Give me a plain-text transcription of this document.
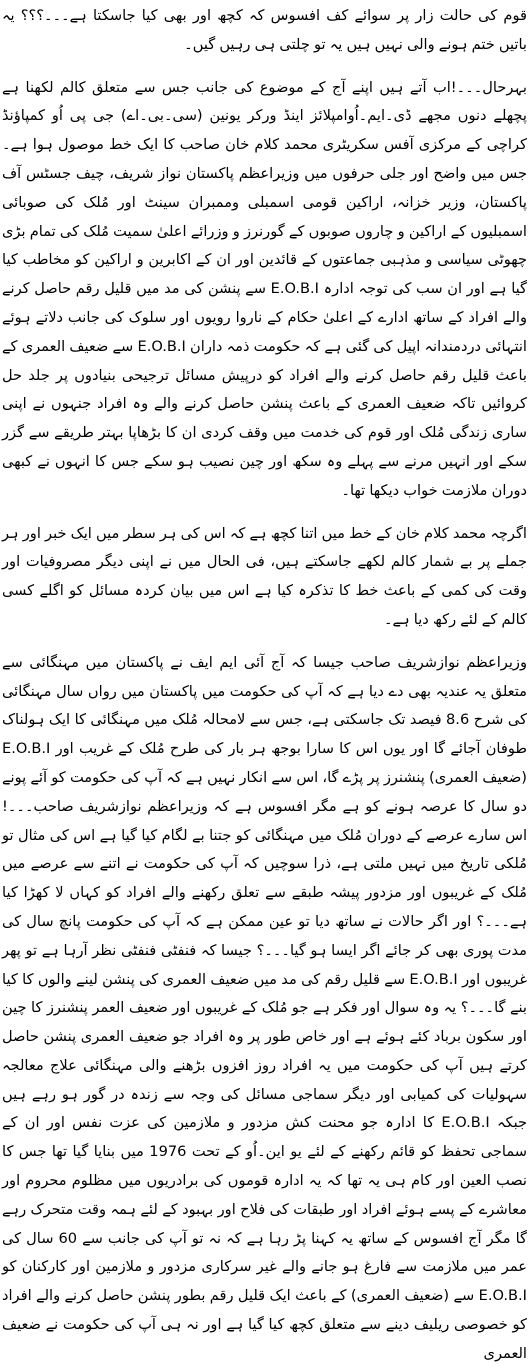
قوم کی حالت زار پر سوائے کف افسوس کہ کچھ اور بھی کیا جاسکتا ہے۔۔۔؟؟؟ یہ باتیں ختم ہونے والی نہیں ہیں یہ تو چلتی ہی رہیں گیں۔

بہرحال۔۔۔!اب آتے ہیں اپنے آج کے موضوع کی جانب جس سے متعلق کالم لکھنا ہے پچھلے دنوں مجھے ڈی۔ایم۔اُوامپلائز اینڈ ورکر یونین (سی۔بی۔اے) جی پی اُو کمپاؤنڈ کراچی کے مرکزی آفس سکریٹری محمد کلام خان صاحب کا ایک خط موصول ہوا ہے۔جس میں واضح اور جلی حرفوں میں وزیراعظم پاکستان نواز شریف، چیف جسٹس آف پاکستان، وزیر خزانہ، اراکین قومی اسمبلی وممبران سینٹ اور مُلک کی صوبائی اسمبلیوں کے اراکین و چاروں صوبوں کے گورنرز و وزرائے اعلیٰ سمیت مُلک کی تمام بڑی چھوٹی سیاسی و مذہبی جماعتوں کے قائدین اور ان کے اکابرین و اراکین کو مخاطب کیا گیا ہے اور ان سب کی توجہ ادارہ E.O.B.I سے پنشن کی مد میں قلیل رقم حاصل کرنے والے افراد کے ساتھ ادارے کے اعلیٰ حکام کے ناروا رویوں اور سلوک کی جانب دلاتے ہوئے انتہائی دردمندانہ اپیل کی گئی ہے کہ حکومت ذمہ داران E.O.B.I سے ضعیف العمری کے باعث قلیل رقم حاصل کرنے والے افراد کو درپیش مسائل ترجیحی بنیادوں پر جلد حل کروائیں تاکہ ضعیف العمری کے باعث پنشن حاصل کرنے والے وہ افراد جنہوں نے اپنی ساری زندگی مُلک اور قوم کی خدمت میں وقف کردی ان کا بڑھاپا بہتر طریقے سے گزر سکے اور انہیں مرنے سے پہلے وہ سکھ اور چین نصیب ہو سکے جس کا انہوں نے کبھی دوران ملازمت خواب دیکھا تھا۔

اگرچہ محمد کلام خان کے خط میں اتنا کچھ ہے کہ اس کی ہر سطر میں ایک خبر اور ہر جملے پر بے شمار کالم لکھے جاسکتے ہیں، فی الحال میں نے اپنی دیگر مصروفیات اور وقت کی کمی کے باعث خط کا تذکرہ کیا ہے اس میں بیان کردہ مسائل کو اگلے کسی کالم کے لئے رکھ دیا ہے۔

وزیراعظم نوازشریف صاحب جیسا کہ آج آئی ایم ایف نے پاکستان میں مہنگائی سے متعلق یہ عندیہ بھی دے دیا ہے کہ آپ کی حکومت میں پاکستان میں رواں سال مہنگائی کی شرح 8.6 فیصد تک جاسکتی ہے، جس سے لامحالہ مُلک میں مہنگائی کا ایک ہولناک طوفان آجائے گا اور یوں اس کا سارا بوجھ ہر بار کی طرح مُلک کے غریب اور E.O.B.I (ضعیف العمری) پنشنرز پر پڑے گا، اس سے انکار نہیں ہے کہ آپ کی حکومت کو آئے پونے دو سال کا عرصہ ہونے کو ہے مگر افسوس ہے کہ وزیراعظم نوازشریف صاحب۔۔۔!اس سارے عرصے کے دوران مُلک میں مہنگائی کو جتنا بے لگام کیا گیا ہے اس کی مثال تو مُلکی تاریخ میں نہیں ملتی ہے، ذرا سوچیں کہ آپ کی حکومت نے اتنے سے عرصے میں مُلک کے غریبوں اور مزدور پیشہ طبقے سے تعلق رکھنے والے افراد کو کہاں لا کھڑا کیا ہے۔۔۔؟ اور اگر حالات نے ساتھ دیا تو عین ممکن ہے کہ آپ کی حکومت پانچ سال کی مدت پوری بھی کر جائے اگر ایسا ہو گیا۔۔۔؟ جیسا کہ فنفٹی فنفٹی نظر آرہا ہے تو پھر غریبوں اور E.O.B.I سے قلیل رقم کی مد میں ضعیف العمری کی پنشن لینے والوں کا کیا بنے گا۔۔۔؟ یہ وہ سوال اور فکر ہے جو مُلک کے غریبوں اور ضعیف العمر پنشنرز کا چین اور سکون برباد کئے ہوئے ہے اور خاص طور پر وہ افراد جو ضعیف العمری پنشن حاصل کرتے ہیں آپ کی حکومت میں یہ افراد روز افزوں بڑھنے والی مہنگائی علاج معالجہ سہولیات کی کمیابی اور دیگر سماجی مسائل کی وجہ سے زندہ در گور ہو رہے ہیں جبکہ E.O.B.I کا ادارہ جو محنت کش مزدور و ملازمین کی عزت نفس اور ان کے سماجی تحفظ کو قائم رکھنے کے لئے یو این۔اُو کے تحت 1976 میں بنایا گیا تھا جس کا نصب العین اور کام ہی یہ تھا کہ یہ ادارہ قوموں کی برادریوں میں مظلوم محروم اور معاشرے کے پسے ہوئے افراد اور طبقات کی فلاح اور بہبود کے لئے ہمہ وقت متحرک رہے گا مگر آج افسوس کے ساتھ یہ کہنا پڑ رہا ہے کہ نہ تو آپ کی جانب سے 60 سال کی عمر میں ملازمت سے فارغ ہو جانے والے غیر سرکاری مزدور و ملازمین اور کارکنان کو E.O.B.I سے (ضعیف العمری) کے باعث ایک قلیل رقم بطور پنشن حاصل کرنے والے افراد کو خصوصی ریلیف دینے سے متعلق کچھ کیا گیا ہے اور نہ ہی آپ کی حکومت نے ضعیف العمری
